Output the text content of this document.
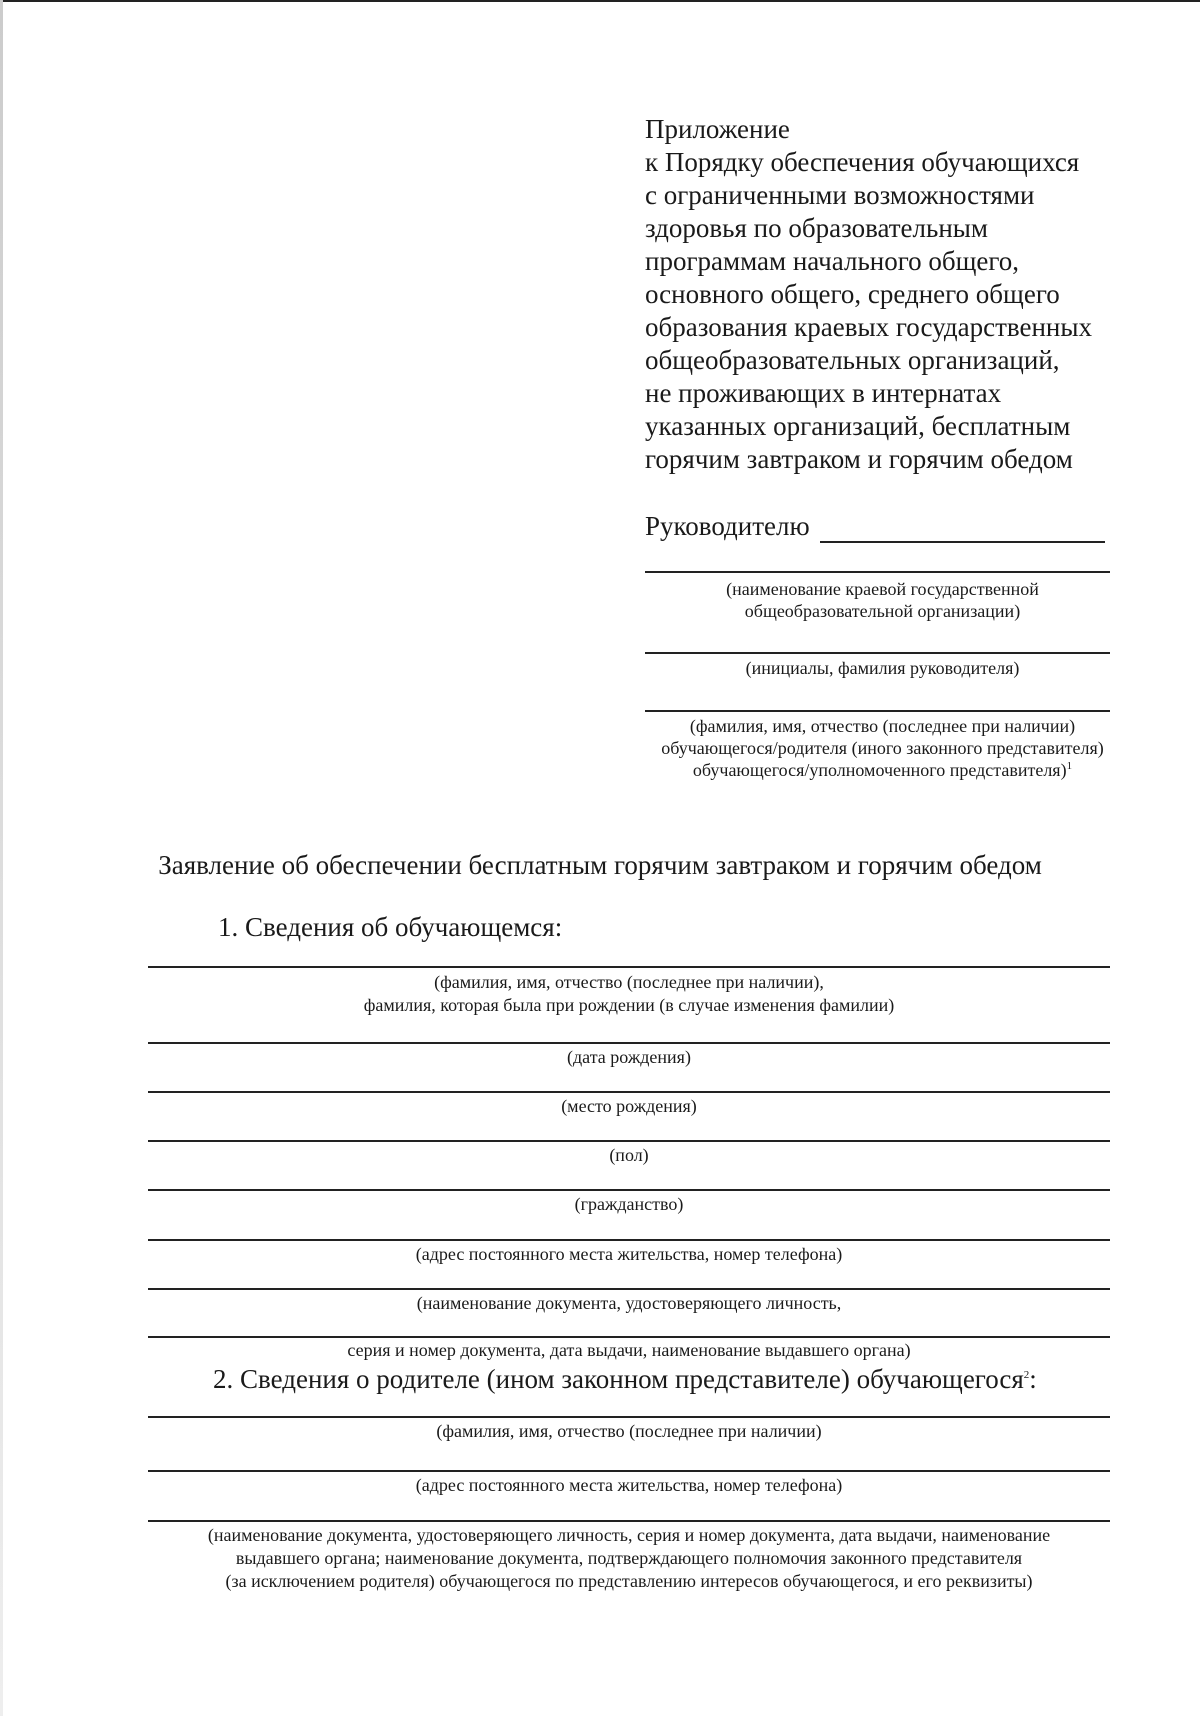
Приложение
к Порядку обеспечения обучающихся
с ограниченными возможностями
здоровья по образовательным
программам начального общего,
основного общего, среднего общего
образования краевых государственных
общеобразовательных организаций,
не проживающих в интернатах
указанных организаций, бесплатным
горячим завтраком и горячим обедом
Руководителю
(наименование краевой государственной
общеобразовательной организации)
(инициалы, фамилия руководителя)
(фамилия, имя, отчество (последнее при наличии)
обучающегося/родителя (иного законного представителя)
обучающегося/уполномоченного представителя)$^1$
Заявление об обеспечении бесплатным горячим завтраком и горячим обедом
1. Сведения об обучающемся:
(фамилия, имя, отчество (последнее при наличии),
фамилия, которая была при рождении (в случае изменения фамилии)
(дата рождения)
(место рождения)
(пол)
(гражданство)
(адрес постоянного места жительства, номер телефона)
(наименование документа, удостоверяющего личность,
серия и номер документа, дата выдачи, наименование выдавшего органа)
2. Сведения о родителе (ином законном представителе) обучающегося$^2$:
(фамилия, имя, отчество (последнее при наличии)
(адрес постоянного места жительства, номер телефона)
(наименование документа, удостоверяющего личность, серия и номер документа, дата выдачи, наименование
выдавшего органа; наименование документа, подтверждающего полномочия законного представителя
(за исключением родителя) обучающегося по представлению интересов обучающегося, и его реквизиты)
